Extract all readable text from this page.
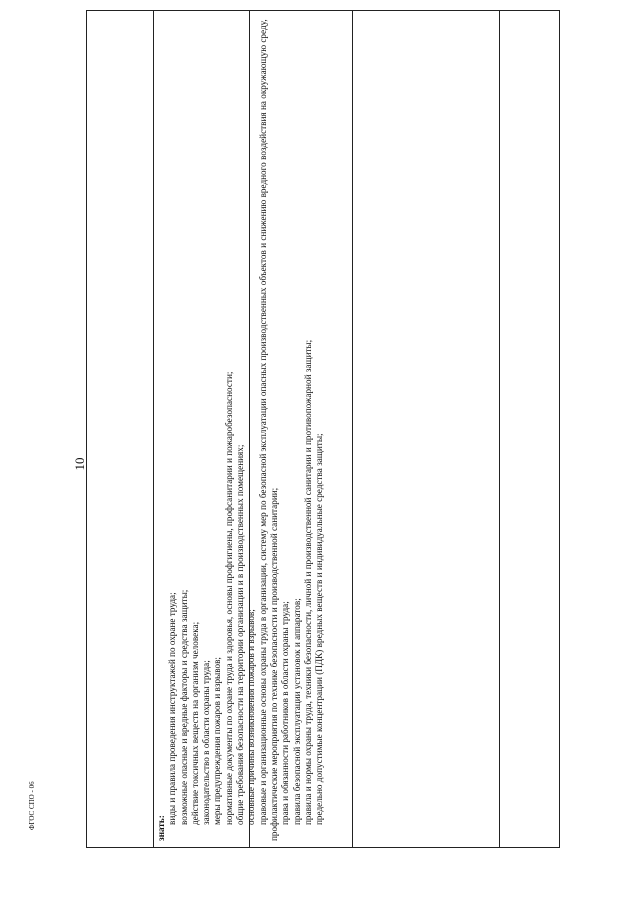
10
знать:

виды и правила проведения инструктажей по охране труда; возможные опасные и вредные факторы и средства защиты; действие токсичных веществ на организм человека; законодательство в области охраны труда; меры предупреждения пожаров и взрывов; нормативные документы по охране труда и здоровья, основы профгигиены, профсанитарии и пожаробезопасности; общие требования безопасности на территории организации и в производственных помещениях; основные причины возникновения пожаров и взрывов; правовые и организационные основы охраны труда в организации, систему мер по безопасной эксплуатации опасных производственных объектов и снижению вредного воздействия на окружающую среду, профилактические мероприятия по технике безопасности и производственной санитарии; права и обязанности работников в области охраны труда; правила безопасной эксплуатации установок и аппаратов; правила и нормы охраны труда, техники безопасности, личной и производственной санитарии и противопожарной защиты; предельно допустимые концентрации (ПДК) вредных веществ и индивидуальные средства защиты;

ФГОС СПО - 06
